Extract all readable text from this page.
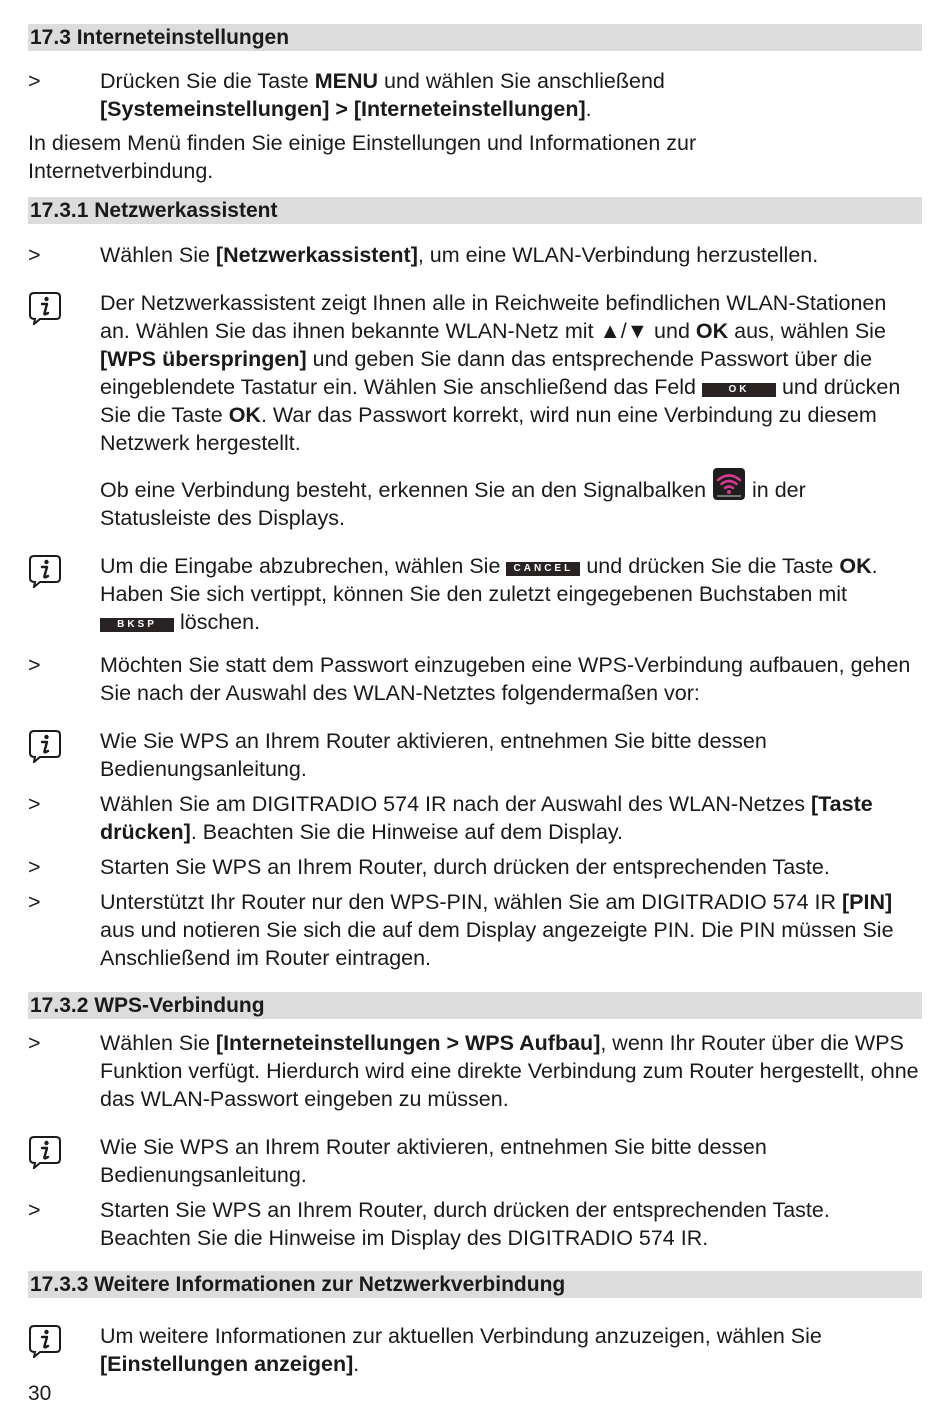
17.3 Interneteinstellungen
>	Drücken Sie die Taste MENU und wählen Sie anschließend
[Systemeinstellungen] > [Interneteinstellungen].
In diesem Menü finden Sie einige Einstellungen und Informationen zur Internetverbindung.
17.3.1 Netzwerkassistent
>	Wählen Sie [Netzwerkassistent], um eine WLAN-Verbindung herzustellen.
Der Netzwerkassistent zeigt Ihnen alle in Reichweite befindlichen WLAN-Stationen an. Wählen Sie das ihnen bekannte WLAN-Netz mit ▲/▼ und OK aus, wählen Sie [WPS überspringen] und geben Sie dann das entsprechende Passwort über die eingeblendete Tastatur ein. Wählen Sie anschließend das Feld	OK und drücken Sie die Taste OK. War das Passwort korrekt, wird nun eine Verbindung zu diesem Netzwerk hergestellt.
Ob eine Verbindung besteht, erkennen Sie an den Signalbalken  in der Statusleiste des Displays.
Um die Eingabe abzubrechen, wählen Sie CANCEL und drücken Sie die Taste OK. Haben Sie sich vertippt, können Sie den zuletzt eingegebenen Buchstaben mit BKSP löschen.
>	Möchten Sie statt dem Passwort einzugeben eine WPS-Verbindung aufbauen, gehen Sie nach der Auswahl des WLAN-Netztes folgendermaßen vor:
Wie Sie WPS an Ihrem Router aktivieren, entnehmen Sie bitte dessen Bedienungsanleitung.
>	Wählen Sie am DIGITRADIO 574 IR nach der Auswahl des WLAN-Netzes [Taste drücken]. Beachten Sie die Hinweise auf dem Display.
>	Starten Sie WPS an Ihrem Router, durch drücken der entsprechenden Taste.
>	Unterstützt Ihr Router nur den WPS-PIN, wählen Sie am DIGITRADIO 574 IR [PIN] aus und notieren Sie sich die auf dem Display angezeigte PIN. Die PIN müssen Sie Anschließend im Router eintragen.
17.3.2 WPS-Verbindung
>	Wählen Sie [Interneteinstellungen > WPS Aufbau], wenn Ihr Router über die WPS Funktion verfügt. Hierdurch wird eine direkte Verbindung zum Router hergestellt, ohne das WLAN-Passwort eingeben zu müssen.
Wie Sie WPS an Ihrem Router aktivieren, entnehmen Sie bitte dessen Bedienungsanleitung.
>	Starten Sie WPS an Ihrem Router, durch drücken der entsprechenden Taste. Beachten Sie die Hinweise im Display des DIGITRADIO 574 IR.
17.3.3 Weitere Informationen zur Netzwerkverbindung
Um weitere Informationen zur aktuellen Verbindung anzuzeigen, wählen Sie [Einstellungen anzeigen].
30
